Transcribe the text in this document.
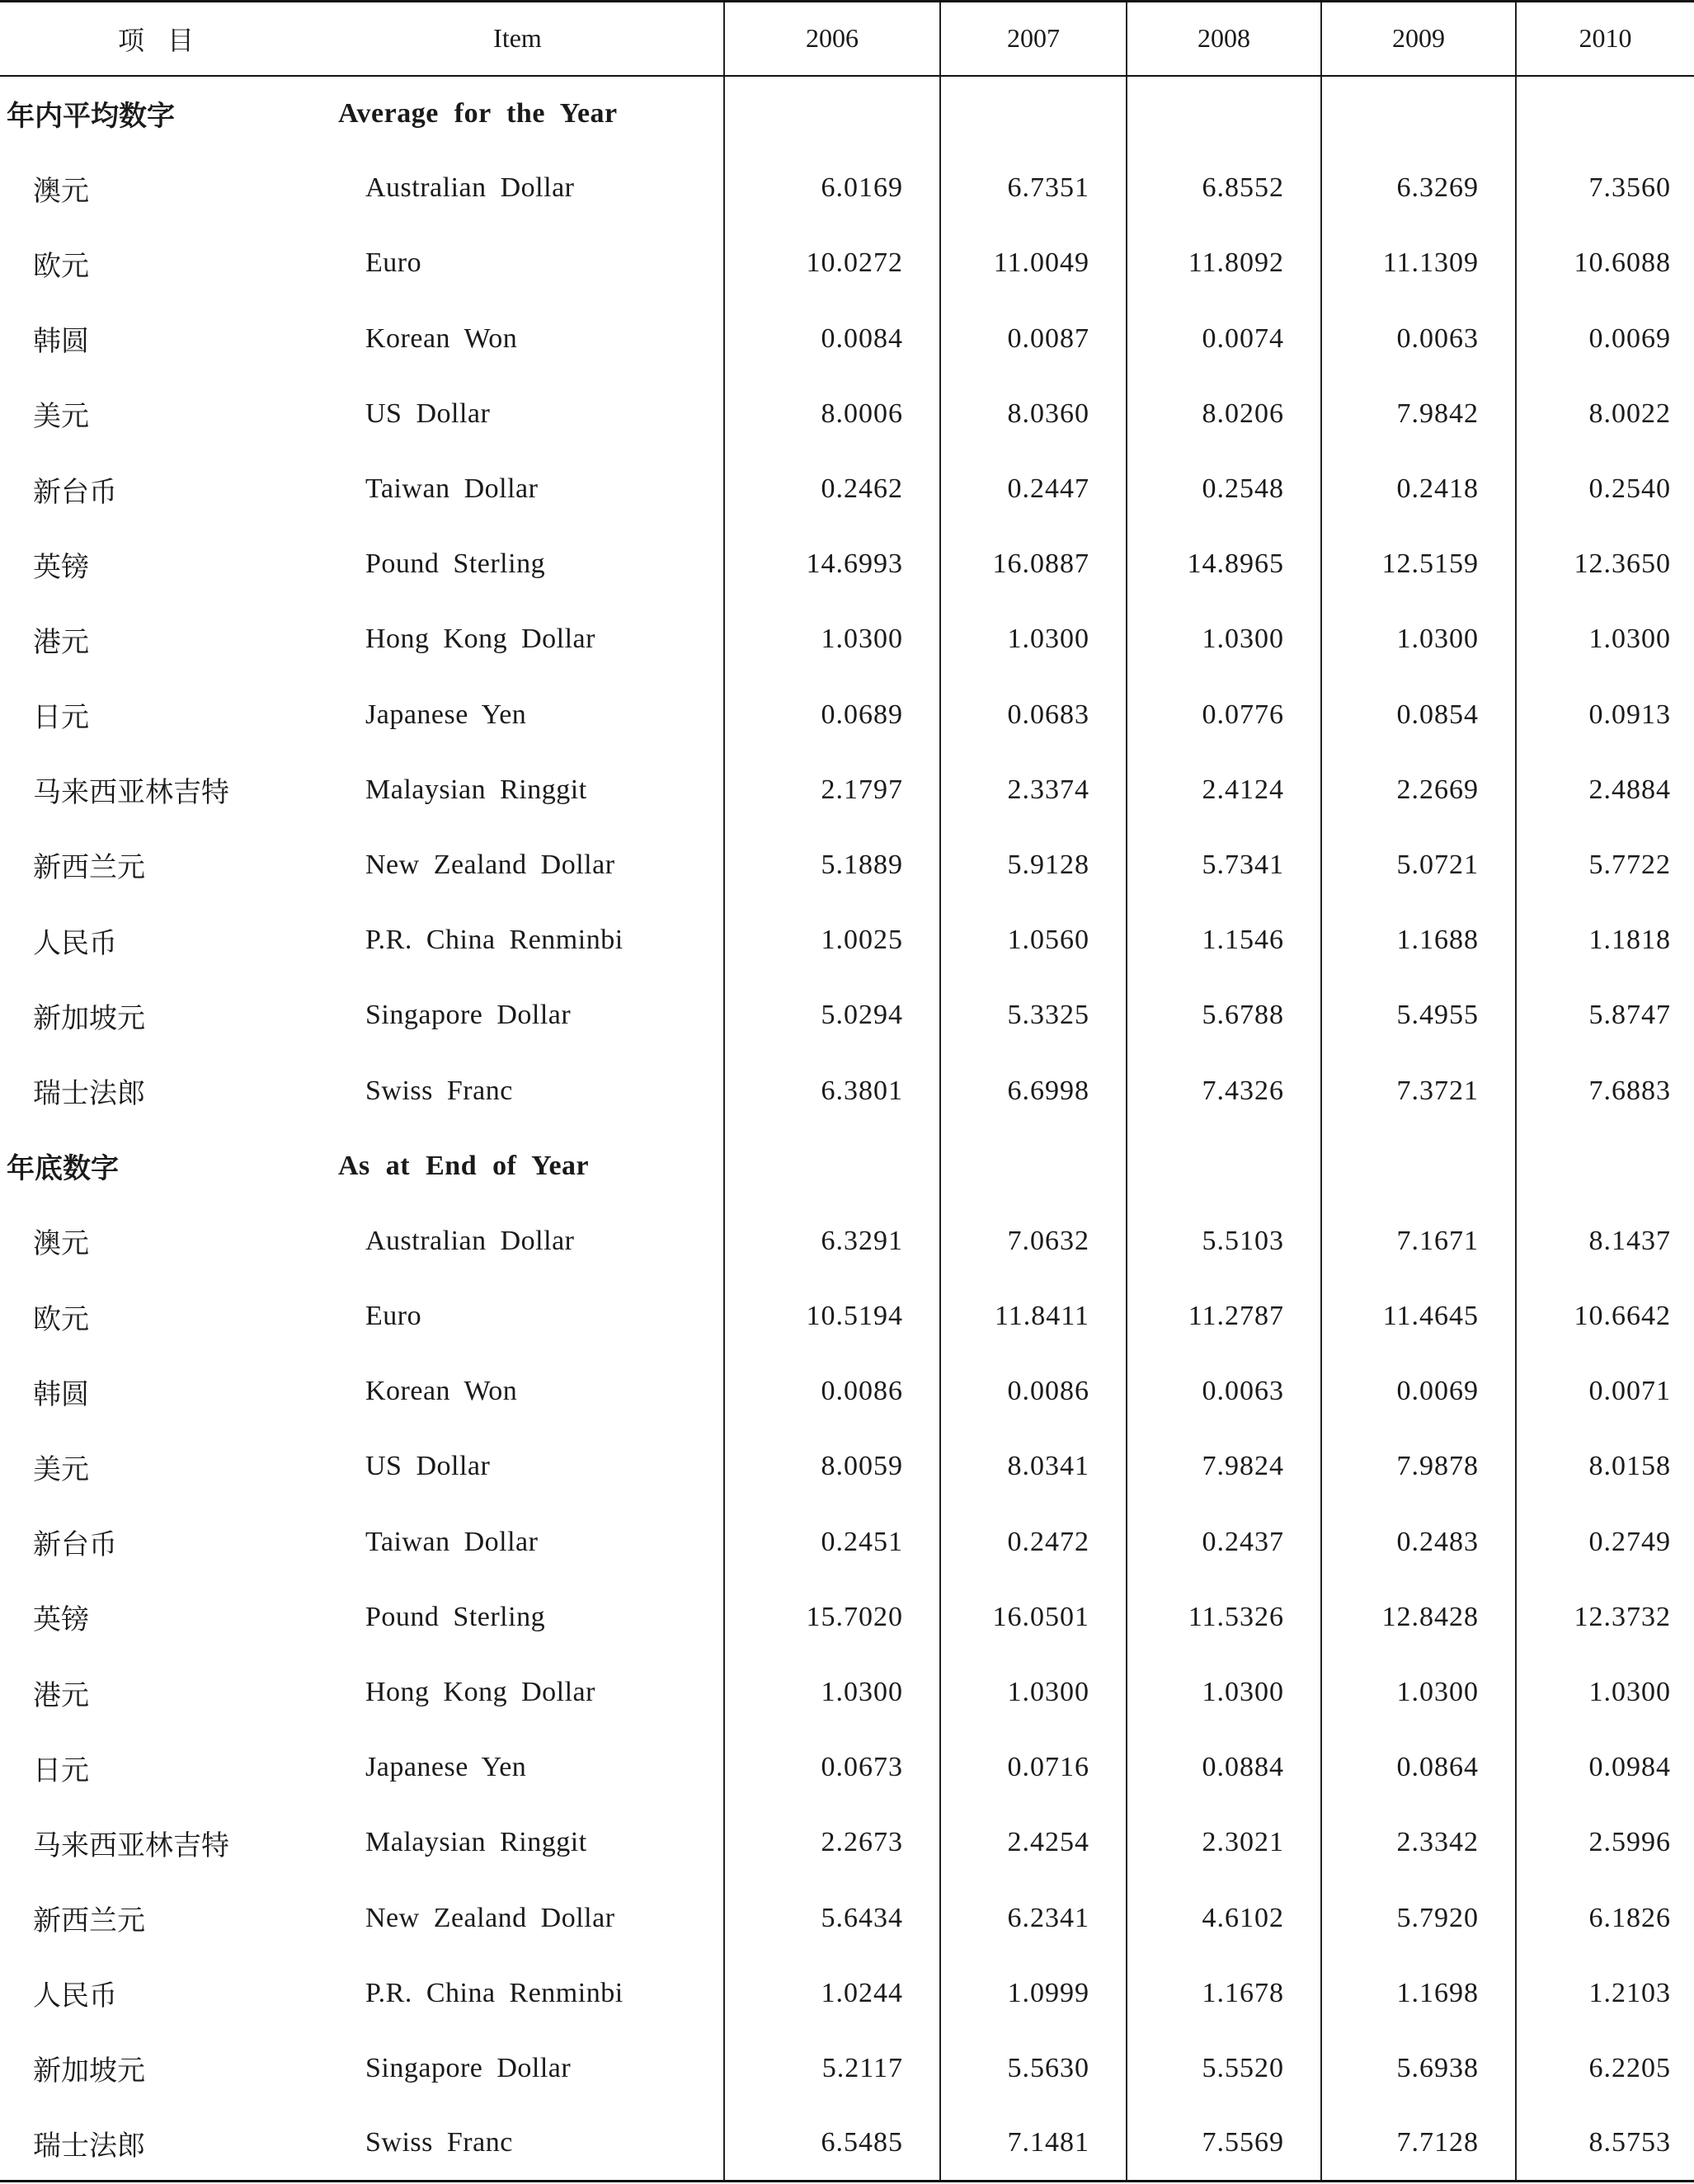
项目	Item	2006	2007	2008	2009	2010
年内平均数字	Average for the Year					
澳元	Australian Dollar	6.0169	6.7351	6.8552	6.3269	7.3560
欧元	Euro	10.0272	11.0049	11.8092	11.1309	10.6088
韩圆	Korean Won	0.0084	0.0087	0.0074	0.0063	0.0069
美元	US Dollar	8.0006	8.0360	8.0206	7.9842	8.0022
新台币	Taiwan Dollar	0.2462	0.2447	0.2548	0.2418	0.2540
英镑	Pound Sterling	14.6993	16.0887	14.8965	12.5159	12.3650
港元	Hong Kong Dollar	1.0300	1.0300	1.0300	1.0300	1.0300
日元	Japanese Yen	0.0689	0.0683	0.0776	0.0854	0.0913
马来西亚林吉特	Malaysian Ringgit	2.1797	2.3374	2.4124	2.2669	2.4884
新西兰元	New Zealand Dollar	5.1889	5.9128	5.7341	5.0721	5.7722
人民币	P.R. China Renminbi	1.0025	1.0560	1.1546	1.1688	1.1818
新加坡元	Singapore Dollar	5.0294	5.3325	5.6788	5.4955	5.8747
瑞士法郎	Swiss Franc	6.3801	6.6998	7.4326	7.3721	7.6883
年底数字	As at End of Year					
澳元	Australian Dollar	6.3291	7.0632	5.5103	7.1671	8.1437
欧元	Euro	10.5194	11.8411	11.2787	11.4645	10.6642
韩圆	Korean Won	0.0086	0.0086	0.0063	0.0069	0.0071
美元	US Dollar	8.0059	8.0341	7.9824	7.9878	8.0158
新台币	Taiwan Dollar	0.2451	0.2472	0.2437	0.2483	0.2749
英镑	Pound Sterling	15.7020	16.0501	11.5326	12.8428	12.3732
港元	Hong Kong Dollar	1.0300	1.0300	1.0300	1.0300	1.0300
日元	Japanese Yen	0.0673	0.0716	0.0884	0.0864	0.0984
马来西亚林吉特	Malaysian Ringgit	2.2673	2.4254	2.3021	2.3342	2.5996
新西兰元	New Zealand Dollar	5.6434	6.2341	4.6102	5.7920	6.1826
人民币	P.R. China Renminbi	1.0244	1.0999	1.1678	1.1698	1.2103
新加坡元	Singapore Dollar	5.2117	5.5630	5.5520	5.6938	6.2205
瑞士法郎	Swiss Franc	6.5485	7.1481	7.5569	7.7128	8.5753
